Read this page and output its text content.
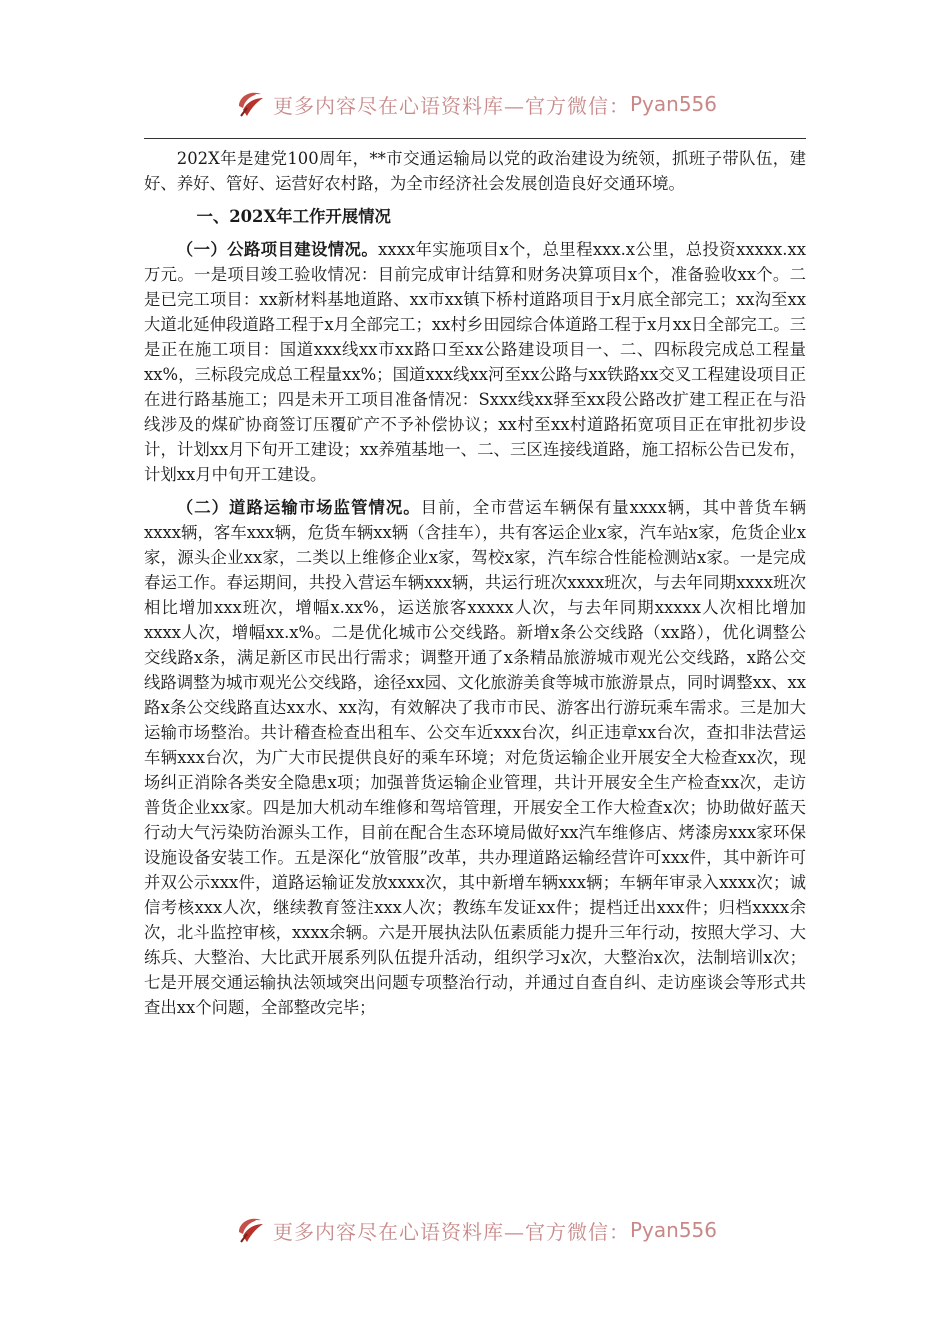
更多内容尽在心语资料库—官方微信： Pyan556

202X年是建党100周年，**市交通运输局以党的政治建设为统领，抓班子带队伍，建好、养好、管好、运营好农村路，为全市经济社会发展创造良好交通环境。

一、202X年工作开展情况

（一）公路项目建设情况。xxxx年实施项目x个，总里程xxx.x公里，总投资xxxxx.xx万元。一是项目竣工验收情况：目前完成审计结算和财务决算项目x个，准备验收xx个。二是已完工项目：xx新材料基地道路、xx市xx镇下桥村道路项目于x月底全部完工；xx沟至xx大道北延伸段道路工程于x月全部完工；xx村乡田园综合体道路工程于x月xx日全部完工。三是正在施工项目：国道xxx线xx市xx路口至xx公路建设项目一、二、四标段完成总工程量xx%，三标段完成总工程量xx%；国道xxx线xx河至xx公路与xx铁路xx交叉工程建设项目正在进行路基施工；四是未开工项目准备情况：Sxxx线xx驿至xx段公路改扩建工程正在与沿线涉及的煤矿协商签订压覆矿产不予补偿协议；xx村至xx村道路拓宽项目正在审批初步设计，计划xx月下旬开工建设；xx养殖基地一、二、三区连接线道路，施工招标公告已发布，计划xx月中旬开工建设。

（二）道路运输市场监管情况。目前，全市营运车辆保有量xxxx辆，其中普货车辆xxxx辆，客车xxx辆，危货车辆xx辆（含挂车），共有客运企业x家，汽车站x家，危货企业x家，源头企业xx家，二类以上维修企业x家，驾校x家，汽车综合性能检测站x家。一是完成春运工作。春运期间，共投入营运车辆xxx辆，共运行班次xxxx班次，与去年同期xxxx班次相比增加xxx班次，增幅x.xx%，运送旅客xxxxx人次，与去年同期xxxxx人次相比增加xxxx人次，增幅xx.x%。二是优化城市公交线路。新增x条公交线路（xx路），优化调整公交线路x条，满足新区市民出行需求；调整开通了x条精品旅游城市观光公交线路，x路公交线路调整为城市观光公交线路，途径xx园、文化旅游美食等城市旅游景点，同时调整xx、xx路x条公交线路直达xx水、xx沟，有效解决了我市市民、游客出行游玩乘车需求。三是加大运输市场整治。共计稽查检查出租车、公交车近xxx台次，纠正违章xx台次，查扣非法营运车辆xxx台次，为广大市民提供良好的乘车环境；对危货运输企业开展安全大检查xx次，现场纠正消除各类安全隐患x项；加强普货运输企业管理，共计开展安全生产检查xx次，走访普货企业xx家。四是加大机动车维修和驾培管理，开展安全工作大检查x次；协助做好蓝天行动大气污染防治源头工作，目前在配合生态环境局做好xx汽车维修店、烤漆房xxx家环保设施设备安装工作。五是深化“放管服”改革，共办理道路运输经营许可xxx件，其中新许可并双公示xxx件，道路运输证发放xxxx次，其中新增车辆xxx辆；车辆年审录入xxxx次；诚信考核xxx人次，继续教育签注xxx人次；教练车发证xx件；提档迁出xxx件；归档xxxx余次，北斗监控审核，xxxx余辆。六是开展执法队伍素质能力提升三年行动，按照大学习、大练兵、大整治、大比武开展系列队伍提升活动，组织学习x次，大整治x次，法制培训x次；七是开展交通运输执法领域突出问题专项整治行动，并通过自查自纠、走访座谈会等形式共查出xx个问题，全部整改完毕；

更多内容尽在心语资料库—官方微信： Pyan556
